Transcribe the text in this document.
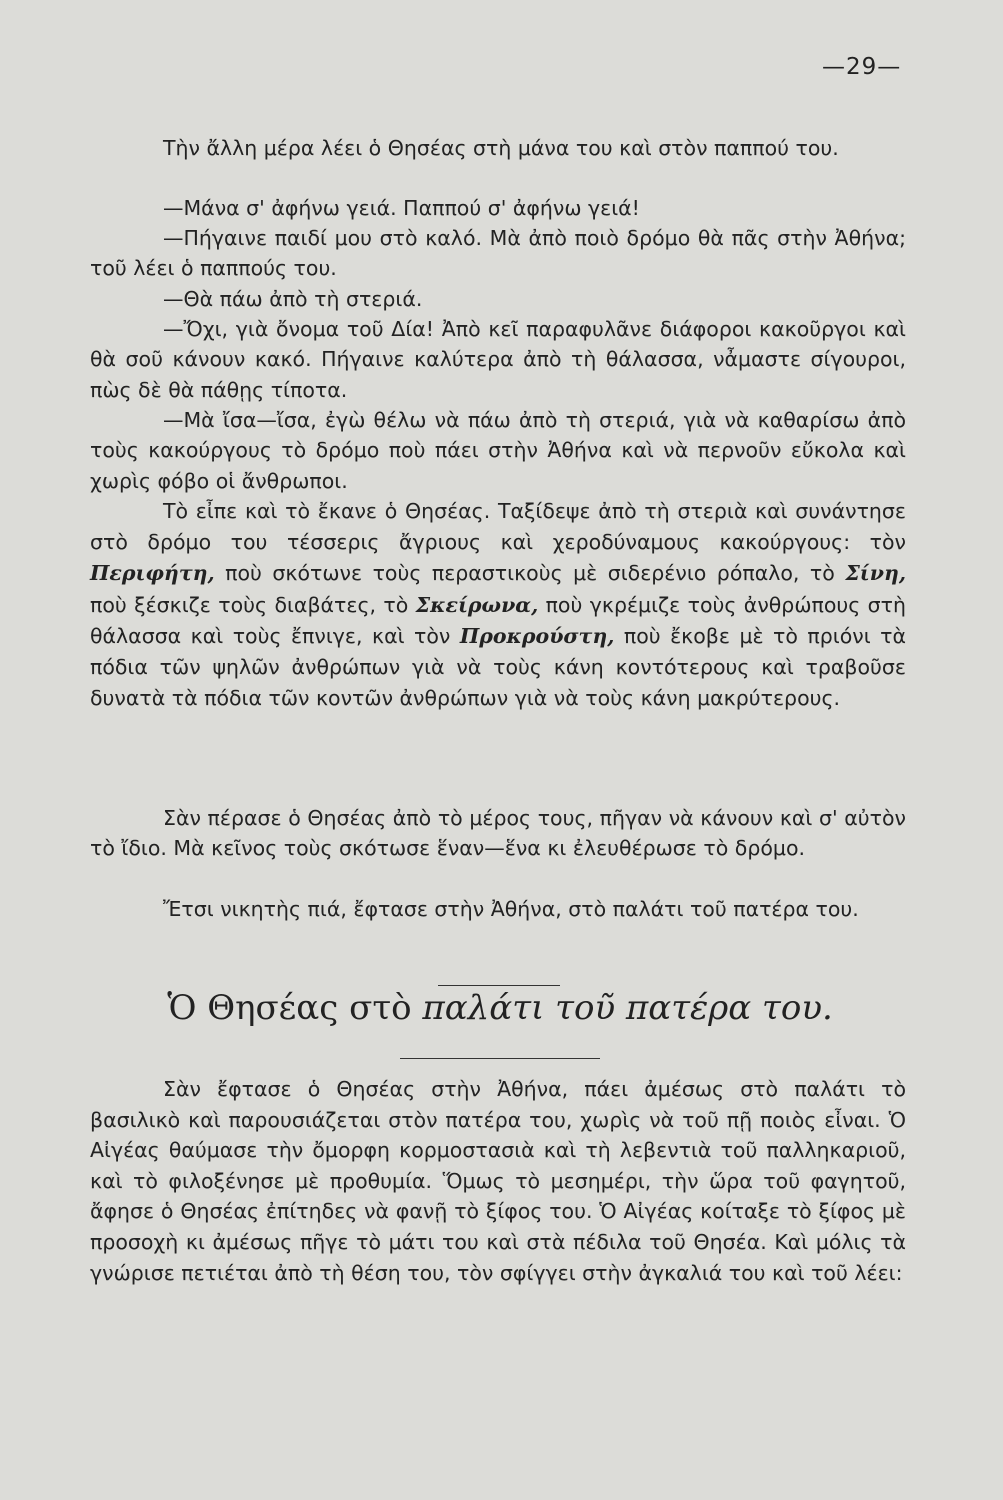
—29—
Τὴν ἄλλη μέρα λέει ὁ Θησέας στὴ μάνα του καὶ στὸν παππού του.
—Μάνα σ' ἀφήνω γειά. Παππού σ' ἀφήνω γειά!
—Πήγαινε παιδί μου στὸ καλό. Μὰ ἀπὸ ποιὸ δρόμο θὰ πᾶς στὴν Ἀθήνα; τοῦ λέει ὁ παππούς του.
—Θὰ πάω ἀπὸ τὴ στεριά.
—Ὄχι, γιὰ ὄνομα τοῦ Δία! Ἀπὸ κεῖ παραφυλᾶνε διάφοροι κακοῦργοι καὶ θὰ σοῦ κάνουν κακό. Πήγαινε καλύτερα ἀπὸ τὴ θάλασσα, νἆμαστε σίγουροι, πὼς δὲ θὰ πάθῃς τίποτα.
—Μὰ ἴσα—ἴσα, ἐγὼ θέλω νὰ πάω ἀπὸ τὴ στεριά, γιὰ νὰ καθαρίσω ἀπὸ τοὺς κακούργους τὸ δρόμο ποὺ πάει στὴν Ἀθήνα καὶ νὰ περνοῦν εὔκολα καὶ χωρὶς φόβο οἱ ἄνθρωποι.
Τὸ εἶπε καὶ τὸ ἔκανε ὁ Θησέας. Ταξίδεψε ἀπὸ τὴ στεριὰ καὶ συνάντησε στὸ δρόμο του τέσσερις ἄγριους καὶ χεροδύναμους κακούργους: τὸν Περιφήτη, ποὺ σκότωνε τοὺς περαστικοὺς μὲ σιδερένιο ρόπαλο, τὸ Σίνη, ποὺ ξέσκιζε τοὺς διαβάτες, τὸ Σκείρωνα, ποὺ γκρέμιζε τοὺς ἀνθρώπους στὴ θάλασσα καὶ τοὺς ἔπνιγε, καὶ τὸν Προκρούστη, ποὺ ἔκοβε μὲ τὸ πριόνι τὰ πόδια τῶν ψηλῶν ἀνθρώπων γιὰ νὰ τοὺς κάνη κοντότερους καὶ τραβοῦσε δυνατὰ τὰ πόδια τῶν κοντῶν ἀνθρώπων γιὰ νὰ τοὺς κάνη μακρύτερους.
Σὰν πέρασε ὁ Θησέας ἀπὸ τὸ μέρος τους, πῆγαν νὰ κάνουν καὶ σ' αὐτὸν τὸ ἴδιο. Μὰ κεῖνος τοὺς σκότωσε ἕναν—ἕνα κι ἐλευθέρωσε τὸ δρόμο.
Ἔτσι νικητὴς πιά, ἔφτασε στὴν Ἀθήνα, στὸ παλάτι τοῦ πατέρα του.
Ὁ Θησέας στὸ παλάτι τοῦ πατέρα του.
Σὰν ἔφτασε ὁ Θησέας στὴν Ἀθήνα, πάει ἀμέσως στὸ παλάτι τὸ βασιλικὸ καὶ παρουσιάζεται στὸν πατέρα του, χωρὶς νὰ τοῦ πῇ ποιὸς εἶναι. Ὁ Αἰγέας θαύμασε τὴν ὄμορφη κορμοστασιὰ καὶ τὴ λεβεντιὰ τοῦ παλληκαριοῦ, καὶ τὸ φιλοξένησε μὲ προθυμία. Ὅμως τὸ μεσημέρι, τὴν ὥρα τοῦ φαγητοῦ, ἄφησε ὁ Θησέας ἐπίτηδες νὰ φανῇ τὸ ξίφος του. Ὁ Αἰγέας κοίταξε τὸ ξίφος μὲ προσοχὴ κι ἀμέσως πῆγε τὸ μάτι του καὶ στὰ πέδιλα τοῦ Θησέα. Καὶ μόλις τὰ γνώρισε πετιέται ἀπὸ τὴ θέση του, τὸν σφίγγει στὴν ἀγκαλιά του καὶ τοῦ λέει:
